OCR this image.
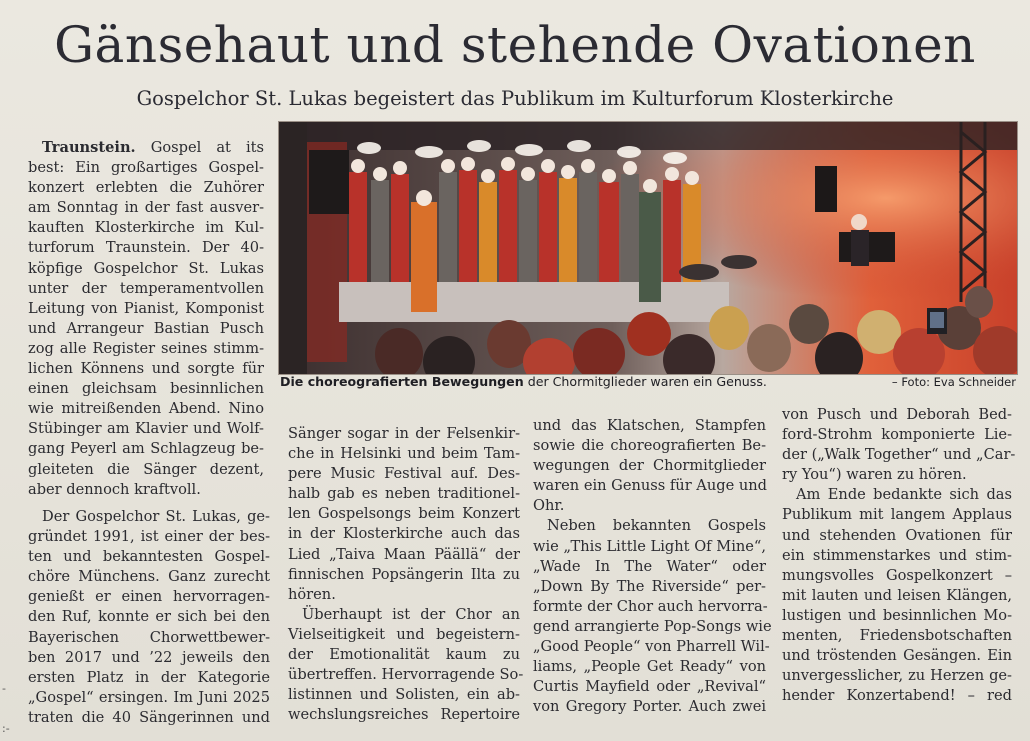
Gänsehaut und stehende Ovationen
Gospelchor St. Lukas begeistert das Publikum im Kulturforum Klosterkirche
Traunstein. Gospel at its
best: Ein großartiges Gospel-
konzert erlebten die Zuhörer
am Sonntag in der fast ausver-
kauften Klosterkirche im Kul-
turforum Traunstein. Der 40-
köpfige Gospelchor St. Lukas
unter der temperamentvollen
Leitung von Pianist, Komponist
und Arrangeur Bastian Pusch
zog alle Register seines stimm-
lichen Könnens und sorgte für
einen gleichsam besinnlichen
wie mitreißenden Abend. Nino
Stübinger am Klavier und Wolf-
gang Peyerl am Schlagzeug be-
gleiteten die Sänger dezent,
aber dennoch kraftvoll.
Der Gospelchor St. Lukas, ge-
gründet 1991, ist einer der bes-
ten und bekanntesten Gospel-
chöre Münchens. Ganz zurecht
genießt er einen hervorragen-
den Ruf, konnte er sich bei den
Bayerischen Chorwettbewer-
ben 2017 und ’22 jeweils den
ersten Platz in der Kategorie
„Gospel“ ersingen. Im Juni 2025
traten die 40 Sängerinnen und
Sänger sogar in der Felsenkir-
che in Helsinki und beim Tam-
pere Music Festival auf. Des-
halb gab es neben traditionel-
len Gospelsongs beim Konzert
in der Klosterkirche auch das
Lied „Taiva Maan Päällä“ der
finnischen Popsängerin Ilta zu
hören.
Überhaupt ist der Chor an
Vielseitigkeit und begeistern-
der Emotionalität kaum zu
übertreffen. Hervorragende So-
listinnen und Solisten, ein ab-
wechslungsreiches Repertoire
und das Klatschen, Stampfen
sowie die choreografierten Be-
wegungen der Chormitglieder
waren ein Genuss für Auge und
Ohr.
Neben bekannten Gospels
wie „This Little Light Of Mine“,
„Wade In The Water“ oder
„Down By The Riverside“ per-
formte der Chor auch hervorra-
gend arrangierte Pop-Songs wie
„Good People“ von Pharrell Wil-
liams, „People Get Ready“ von
Curtis Mayfield oder „Revival“
von Gregory Porter. Auch zwei
von Pusch und Deborah Bed-
ford-Strohm komponierte Lie-
der („Walk Together“ und „Car-
ry You“) waren zu hören.
Am Ende bedankte sich das
Publikum mit langem Applaus
und stehenden Ovationen für
ein stimmenstarkes und stim-
mungsvolles Gospelkonzert –
mit lauten und leisen Klängen,
lustigen und besinnlichen Mo-
menten, Friedensbotschaften
und tröstenden Gesängen. Ein
unvergesslicher, zu Herzen ge-
hender Konzertabend! – red
Die choreografierten Bewegungen der Chormitglieder waren ein Genuss.	– Foto: Eva Schneider
-
:-
